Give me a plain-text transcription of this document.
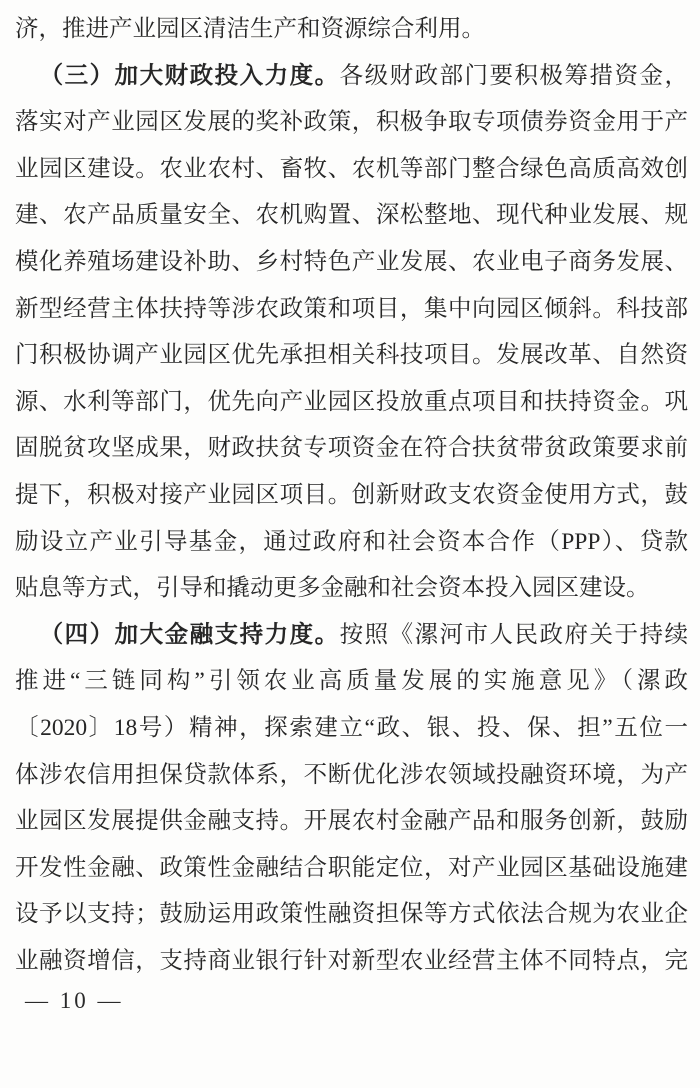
济，推进产业园区清洁生产和资源综合利用。
（三）加大财政投入力度。各级财政部门要积极筹措资金，
落实对产业园区发展的奖补政策，积极争取专项债券资金用于产
业园区建设。农业农村、畜牧、农机等部门整合绿色高质高效创
建、农产品质量安全、农机购置、深松整地、现代种业发展、规
模化养殖场建设补助、乡村特色产业发展、农业电子商务发展、
新型经营主体扶持等涉农政策和项目，集中向园区倾斜。科技部
门积极协调产业园区优先承担相关科技项目。发展改革、自然资
源、水利等部门，优先向产业园区投放重点项目和扶持资金。巩
固脱贫攻坚成果，财政扶贫专项资金在符合扶贫带贫政策要求前
提下，积极对接产业园区项目。创新财政支农资金使用方式，鼓
励设立产业引导基金，通过政府和社会资本合作（PPP）、贷款
贴息等方式，引导和撬动更多金融和社会资本投入园区建设。
（四）加大金融支持力度。按照《漯河市人民政府关于持续
推进“三链同构”引领农业高质量发展的实施意见》（漯政
〔2020〕18号）精神，探索建立“政、银、投、保、担”五位一
体涉农信用担保贷款体系，不断优化涉农领域投融资环境，为产
业园区发展提供金融支持。开展农村金融产品和服务创新，鼓励
开发性金融、政策性金融结合职能定位，对产业园区基础设施建
设予以支持；鼓励运用政策性融资担保等方式依法合规为农业企
业融资增信，支持商业银行针对新型农业经营主体不同特点，完
— 10 —
